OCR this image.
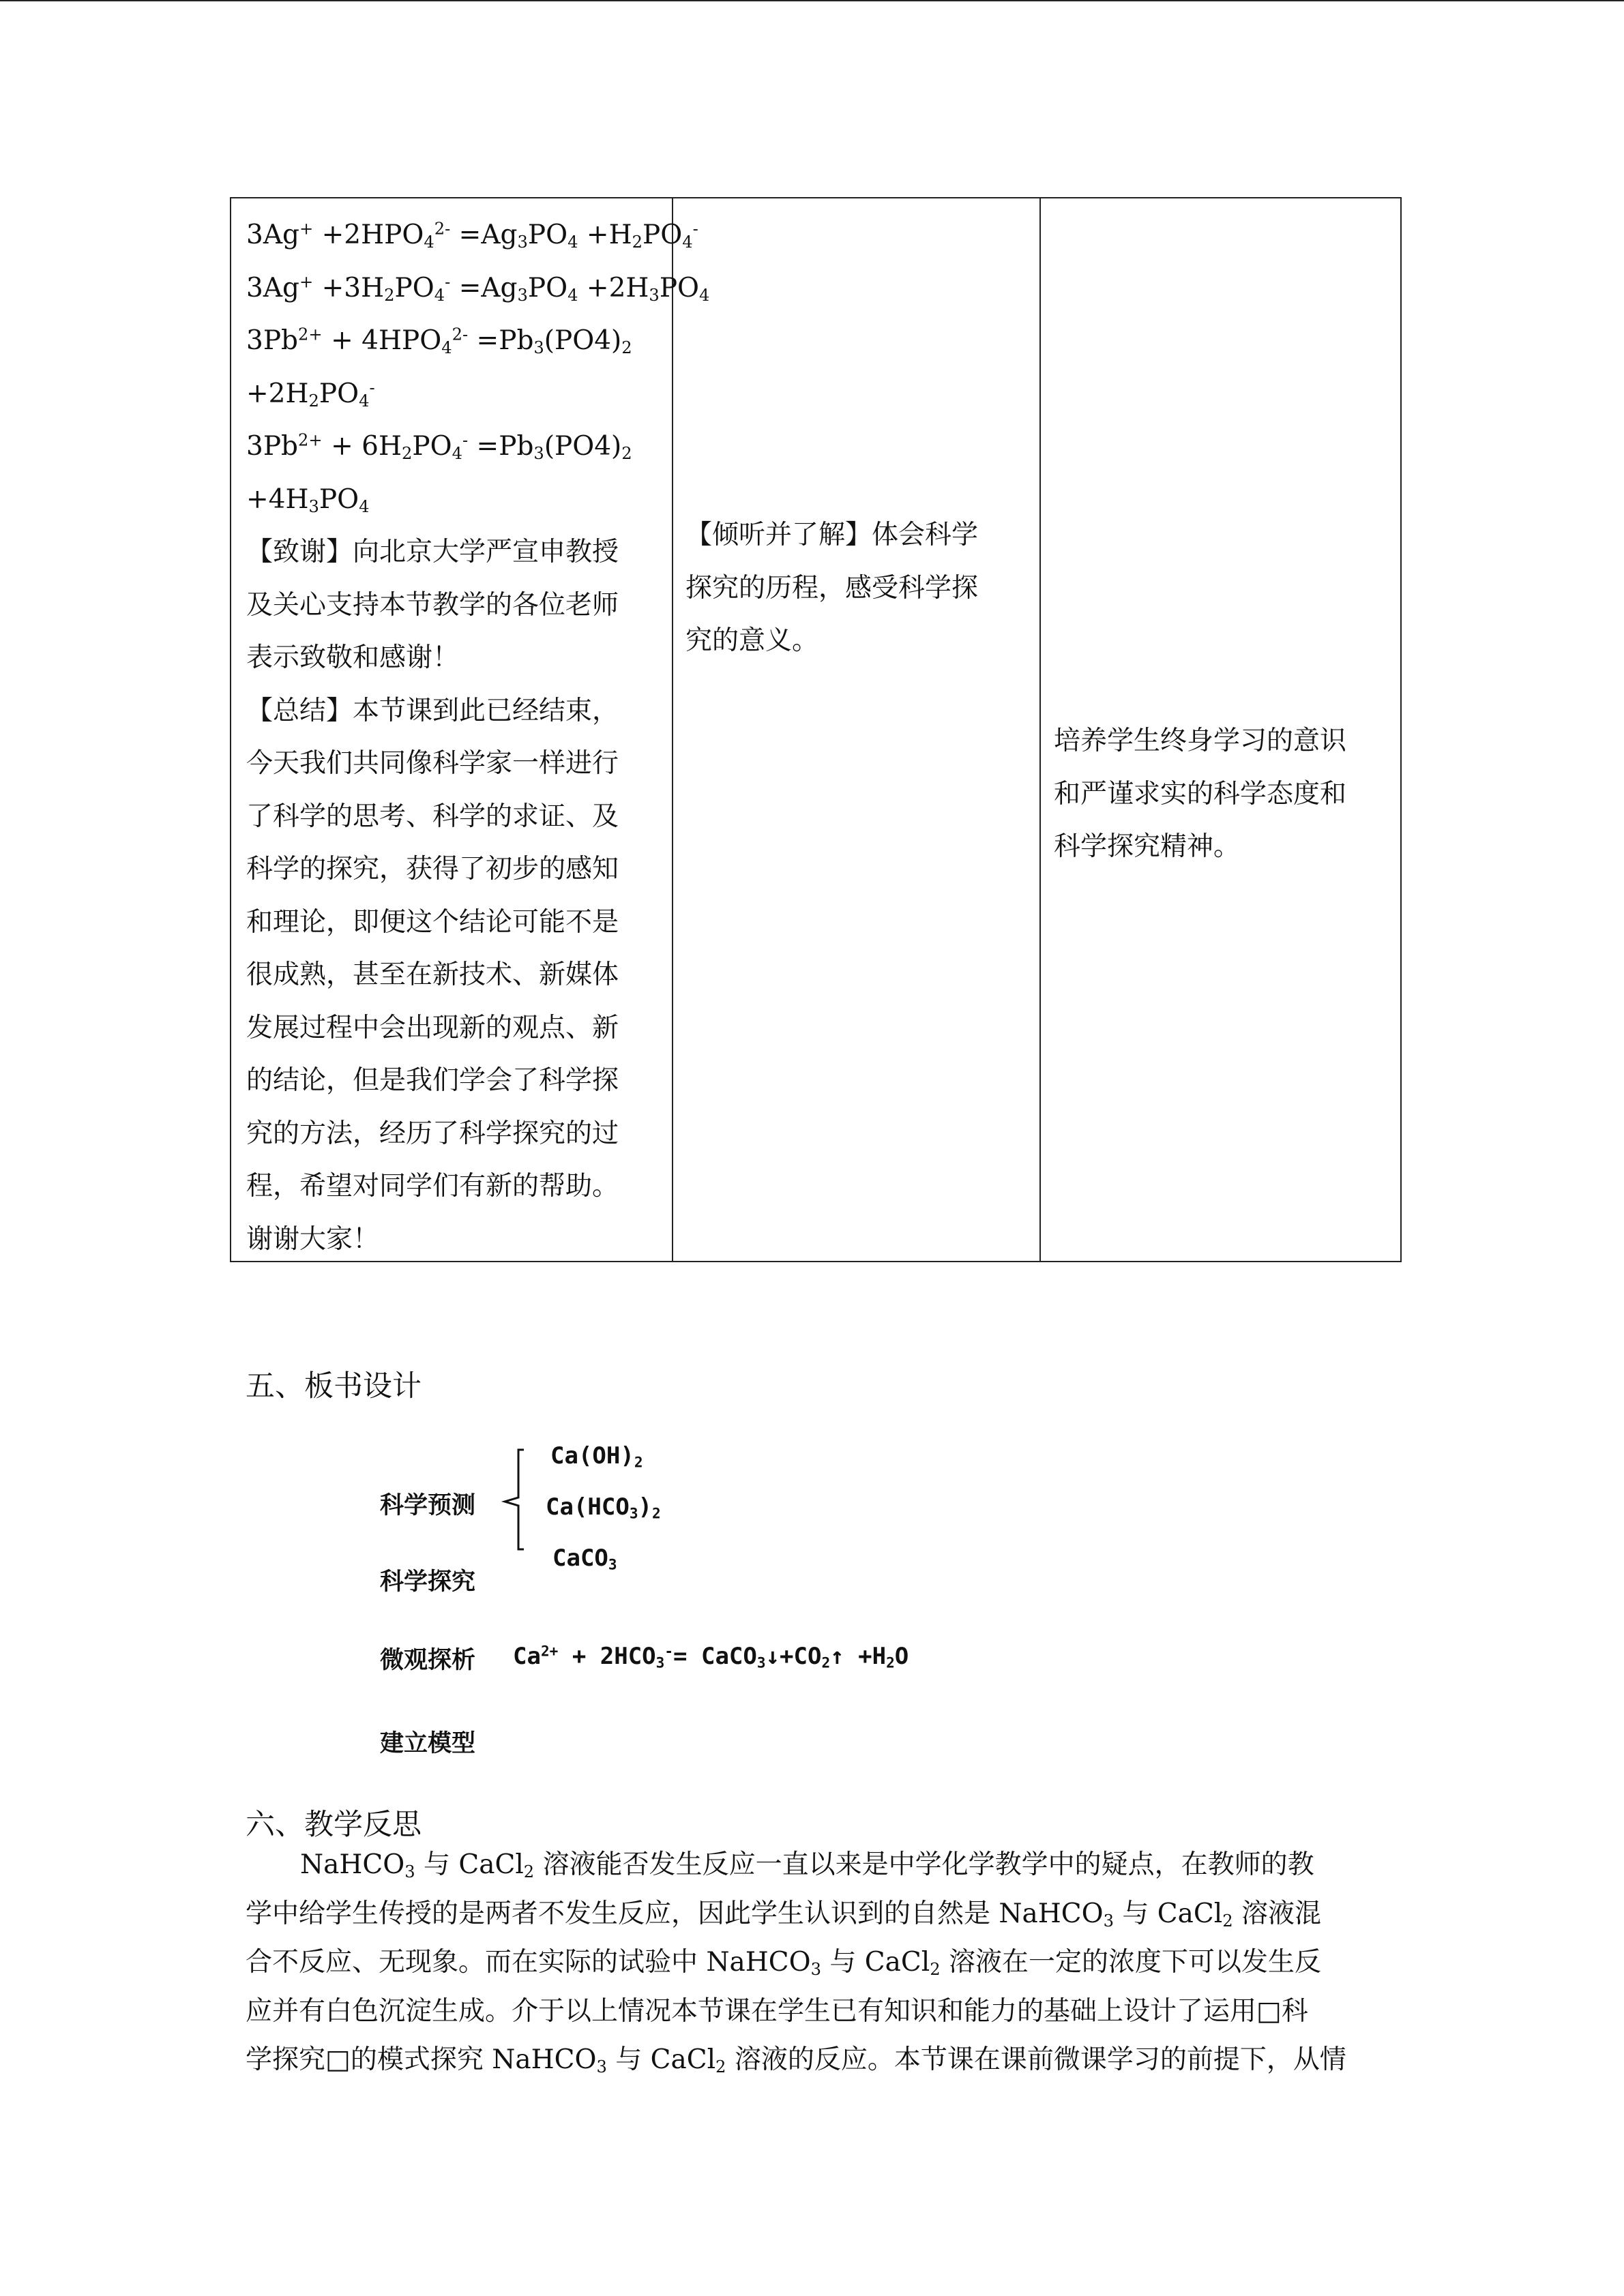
$3Ag^+ +2HPO_4^{2-} =Ag_3PO_4 +H_2PO_4^-$
$3Ag^+ +3H_2PO_4^- =Ag_3PO_4 +2H_3PO_4$
$3Pb^{2+} + 4HPO_4^{2-} =Pb_3(PO4)_2$
$+2H_2PO_4^-$
$3Pb^{2+} + 6H_2PO_4^- =Pb_3(PO4)_2$
$+4H_3PO_4$
【致谢】向北京大学严宣申教授
及关心支持本节教学的各位老师
表示致敬和感谢！
【总结】本节课到此已经结束，
今天我们共同像科学家一样进行
了科学的思考、科学的求证、及
科学的探究，获得了初步的感知
和理论，即便这个结论可能不是
很成熟，甚至在新技术、新媒体
发展过程中会出现新的观点、新
的结论，但是我们学会了科学探
究的方法，经历了科学探究的过
程，希望对同学们有新的帮助。
谢谢大家！
【倾听并了解】体会科学
探究的历程，感受科学探
究的意义。
培养学生终身学习的意识
和严谨求实的科学态度和
科学探究精神。
五、板书设计
科学预测
科学探究
微观探析
建立模型
$Ca(OH)_2$
$Ca(HCO_3)_2$
CaCO$_3$
$Ca^{2+} + 2HCO_3^-=$ $CaCO_3↓+CO_2↑ +H_2O$
六、教学反思
NaHCO$_3$ 与 CaCl$_2$ 溶液能否发生反应一直以来是中学化学教学中的疑点，在教师的教
学中给学生传授的是两者不发生反应，因此学生认识到的自然是 NaHCO$_3$ 与 CaCl$_2$ 溶液混
合不反应、无现象。而在实际的试验中 NaHCO$_3$ 与 CaCl$_2$ 溶液在一定的浓度下可以发生反
应并有白色沉淀生成。介于以上情况本节课在学生已有知识和能力的基础上设计了运用□科
学探究□的模式探究 NaHCO$_3$ 与 CaCl$_2$ 溶液的反应。本节课在课前微课学习的前提下，从情
